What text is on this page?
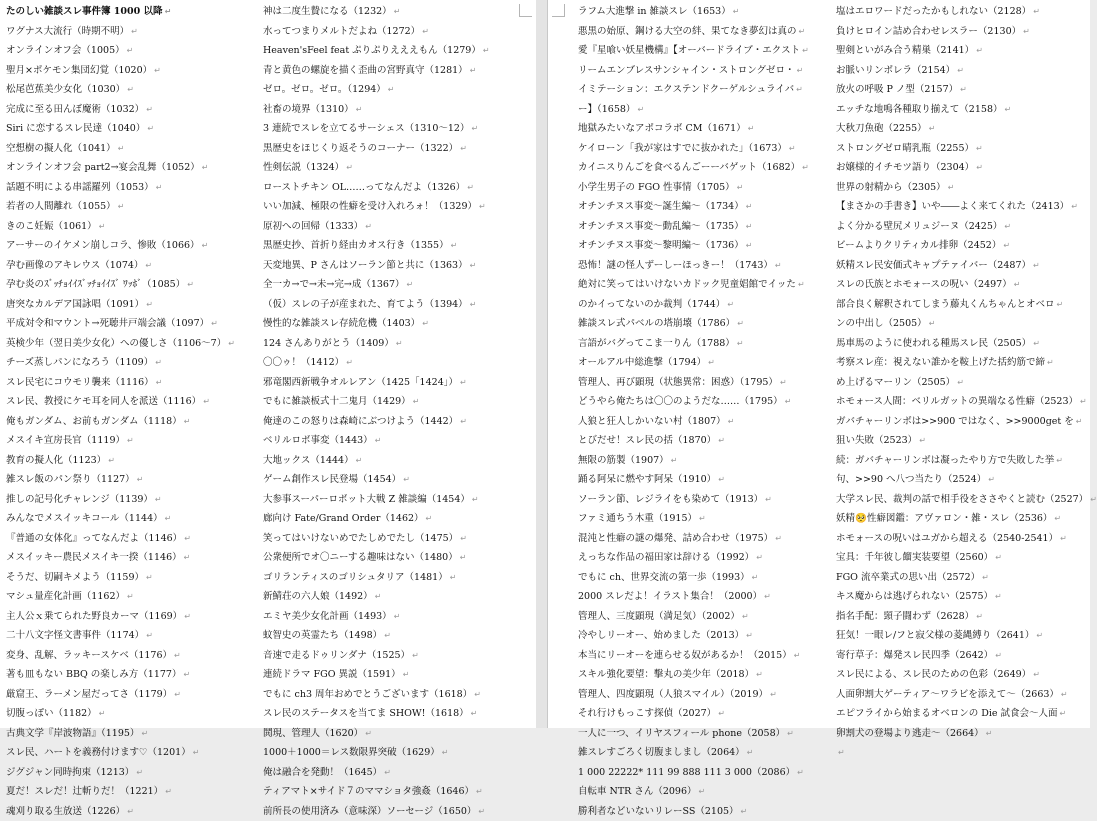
たのしい雑談スレ事件簿 1000 以降 ↵
ワグナス大流行（時期不明） ↵
オンラインオフ会（1005） ↵
聖月×ポケモン集団幻覚（1020） ↵
松尾芭蕉美少女化（1030） ↵
完成に至る田んぼ魔術（1032） ↵
Siri に恋するスレ民達（1040） ↵
空想樹の擬人化（1041） ↵
オンラインオフ会 part2→宴会乱舞（1052） ↵
話題不明による串謡羅列（1053） ↵
若者の人間離れ（1055） ↵
きのこ妊娠（1061） ↵
アーサーのイケメン崩しコラ、惨敗（1066） ↵
孕む画像のアキレウス（1074） ↵
孕む炎のｽﾞｯﾁｮｲｲｽﾞｯﾁｮｲｲｽﾞ ﾜｯﾎﾞ（1085） ↵
唐突なカルデア国詠唱（1091） ↵
平成対令和マウント→死聴井戸端会議（1097） ↵
英検少年（翌日美少女化）への優しさ（1106～7） ↵
チーズ蒸しパンになろう（1109） ↵
スレ民宅にコウモリ襲来（1116） ↵
スレ民、教授にケモ耳を同人を派送（1116） ↵
俺もガンダム、お前もガンダム（1118） ↵
メスイキ宣房長官（1119） ↵
教育の擬人化（1123） ↵
雑スレ飯のパン祭り（1127） ↵
推しの記号化チャレンジ（1139） ↵
みんなでメスイッキコール（1144） ↵
『普通の女体化』ってなんだよ（1146） ↵
メスイッキー農民メスイキ一揆（1146） ↵
そうだ、切嗣キメよう（1159） ↵
マシュ量産化計画（1162） ↵
主人公ｘ乗てられた野良カーマ（1169） ↵
二十八文字怪文書事件（1174） ↵
変身、乱解、ラッキースケベ（1176） ↵
著も皿もない BBQ の楽しみ方（1177） ↵
厳窟王、ラーメン屋だってさ（1179） ↵
切腹っぽい（1182） ↵
古典文学『岸波物語』（1195） ↵
スレ民、ハートを義務付けます♡（1201） ↵
ジグジャン同時拘束（1213） ↵
夏だ！スレだ！辻斬りだ！（1221） ↵
魂刈り取る生放送（1226） ↵
神は二度生贄になる（1232） ↵
水ってつまりメルトだよね（1272） ↵
Heaven'sFeel feat ぷりぷりえええもん（1279） ↵
青と黄色の螺旋を描く歪曲の宮野真守（1281） ↵
ゼロ。ゼロ。ゼロ。（1294） ↵
社畜の境界（1310） ↵
3 連続でスレを立てるサーシェス（1310～12） ↵
黒歴史をほじくり返そうのコーナー（1322） ↵
性剣伝説（1324） ↵
ローストチキン OL……ってなんだよ（1326） ↵
いい加減、極限の性癖を受け入れろォ！（1329） ↵
原初への回帰（1333） ↵
黒歴史抄、首折り経由カオス行き（1355） ↵
天変地異、P さんはソーラン節と共に（1363） ↵
全一カ→で→未→完→成（1367） ↵
（仮）スレの子が産まれた、育てよう（1394） ↵
慢性的な雑談スレ存続危機（1403） ↵
124 さんありがとう（1409） ↵
〇〇ゥ！（1412） ↵
邪竜閣西新戦争オルレアン（1425「1424」） ↵
でもに雑談板式十二鬼月（1429） ↵
俺達のこの怒りは森崎にぶつけよう（1442） ↵
ベリルロボ事変（1443） ↵
大地ックス（1444） ↵
ゲーム創作スレ民登場（1454） ↵
大参事スーパーロボット大戦 Z 雑談編（1454） ↵
廊向け Fate/Grand Order（1462） ↵
笑ってはいけないめでたしめでたし（1475） ↵
公衆便所でオ〇ニーする趣味はない（1480） ↵
ゴリランティスのゴリシュタリア（1481） ↵
新鯖荘の六人娘（1492） ↵
エミヤ美少女化計画（1493） ↵
蚊智史の英霊たち（1498） ↵
音速で走るドゥリンダナ（1525） ↵
連続ドラマ FGO 異説（1591） ↵
でもに ch3 周年おめでとうございます（1618） ↵
スレ民のステータスを当てま SHOW!（1618） ↵
鬨現、管理人（1620） ↵
1000＋1000＝レス数限界突破（1629） ↵
俺は融合を発動！（1645） ↵
ティアマト×サイド７のママショタ強姦（1646） ↵
前所長の使用済み（意味深）ソーセージ（1650） ↵
ラフム大進撃 in 雑談スレ（1653） ↵
悪黒の始原、鋼ける大空の絆、果てなき夢幻は真の ↵
愛『星喰い妖星機構』【オーバードライブ・エクスト ↵
リームエンブレスサンシャイン・ストロングゼロ・ ↵
イミテーション：エクステンドクーゲルシュライバ ↵
ー】（1658） ↵
地獄みたいなアポコラボ CM（1671） ↵
ケイローン「我が家はすでに抜かれた」（1673） ↵
カイニスりんごを食べるんごーーバゲット（1682） ↵
小学生男子の FGO 性事情（1705） ↵
オチンチヌス事変～誕生編～（1734） ↵
オチンチヌス事変～動乱編～（1735） ↵
オチンチヌス事変～黎明編～（1736） ↵
恐怖！謎の怪人ずーしーほっきー！（1743） ↵
絶対に笑ってはいけないカドック児童娼館でイッた ↵
のかイってないのか裁判（1744） ↵
雑談スレ式パベルの塔崩壊（1786） ↵
言語がバグってこま一りん（1788） ↵
オールアル中総進撃（1794） ↵
管理人、再び顕現（状態異常：困惑）（1795） ↵
どうやら俺たちは〇〇のようだな……（1795） ↵
人狼と狂人しかいない村（1807） ↵
とびだせ！スレ民の括（1870） ↵
無限の筋製（1907） ↵
踊る阿呆に燃やす阿呆（1910） ↵
ソーラン節、レジライをも染めて（1913） ↵
ファミ通ちう木重（1915） ↵
混沌と性癖の謎の爆発、詰め合わせ（1975） ↵
えっちな作品の福田家は辞ける（1992） ↵
でもに ch、世界交流の第一歩（1993） ↵
2000 スレだよ！イラスト集合！（2000） ↵
管理人、三度顕現（満足気）（2002） ↵
冷やしリーオー、始めました（2013） ↵
本当にリーオーを連らせる奴があるか！（2015） ↵
スキル強化要望：擊丸の美少年（2018） ↵
管理人、四度顕現（人狼スマイル）（2019） ↵
それ行けもっこす探偵（2027） ↵
一人に一つ、イリヤスフィール phone（2058） ↵
雑スレすごろく切腹ましまし（2064） ↵
1 000 22222* 111 99 888 111 3 000（2086） ↵
自転車 NTR さん（2096） ↵
勝利者などいないリレーSS（2105） ↵
塩はエロワードだったかもしれない（2128） ↵
負けヒロイン詰め合わせレスラー（2130） ↵
聖剣といがみ合う精巣（2141） ↵
お脈いリンボレラ（2154） ↵
放火の呼吸 P ノ型（2157） ↵
エッチな地鳴各種取り揃えて（2158） ↵
大秋刀魚砲（2255） ↵
ストロングゼロ晴乳瓶（2255） ↵
お嬢様的イチモツ語り（2304） ↵
世界の射精から（2305） ↵
【まさかの手書き】いや――よく来てくれた（2413） ↵
よく分かる壁尻メリュジーヌ（2425） ↵
ビームよりクリティカル排卵（2452） ↵
妖精スレ民安価式キャプテァイバー（2487） ↵
スレの氏族とホモォースの呪い（2497） ↵
部合良く解釈されてしまう藤丸くんちゃんとオベロ ↵
ンの中出し（2505） ↵
馬車馬のように使われる種馬スレ民（2505） ↵
考察スレ産：視えない誰かを鞍上げた括約筋で締 ↵
め上げるマーリン（2505） ↵
ホモォース人間：ベリルガットの異端なる性癖（2523） ↵
ガバチャーリンボは>>900 ではなく、>>9000get を ↵
狙い失敗（2523） ↵
続：ガバチャーリンボは凝ったやり方で失敗した挙 ↵
句、>>90 へ八つ当たり（2524） ↵
大学スレ民、裁判の話で相手役をささやくと読む（2527） ↵
妖精🥺性癖図鑑：アヴァロン・雑・スレ（2536） ↵
ホモォースの呪いはユガから超える（2540-2541） ↵
宝具：千年彼し餾実装要望（2560） ↵
FGO 流卒業式の思い出（2572） ↵
キス魔からは逃げられない（2575） ↵
指名手配：頸子闘わず（2628） ↵
狂気！一眼レ/フと寂父様の菱縄縛り（2641） ↵
寄行草子：爆発スレ民四季（2642） ↵
スレ民による、スレ民のための色彩（2649） ↵
人面卵割大ゲーティア～ワラビを添えて～（2663） ↵
エピフライから始まるオベロンの Die 試食会～人面 ↵
卵割犬の登場より逃走～（2664） ↵
↵
